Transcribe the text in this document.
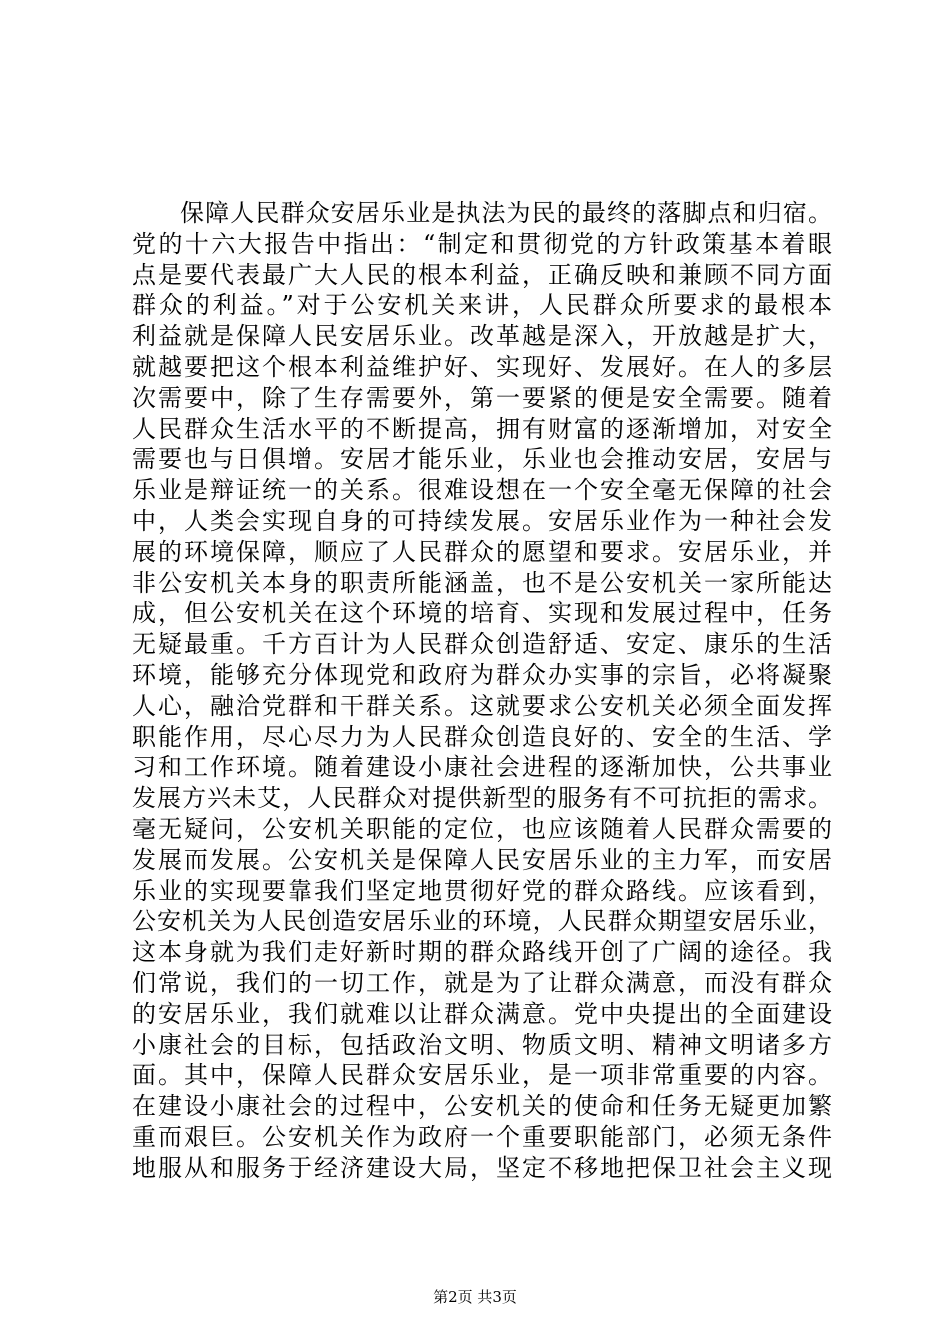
保障人民群众安居乐业是执法为民的最终的落脚点和归宿。
党的十六大报告中指出：“制定和贯彻党的方针政策基本着眼
点是要代表最广大人民的根本利益，正确反映和兼顾不同方面
群众的利益。”对于公安机关来讲，人民群众所要求的最根本
利益就是保障人民安居乐业。改革越是深入，开放越是扩大，
就越要把这个根本利益维护好、实现好、发展好。在人的多层
次需要中，除了生存需要外，第一要紧的便是安全需要。随着
人民群众生活水平的不断提高，拥有财富的逐渐增加，对安全
需要也与日俱增。安居才能乐业，乐业也会推动安居，安居与
乐业是辩证统一的关系。很难设想在一个安全毫无保障的社会
中，人类会实现自身的可持续发展。安居乐业作为一种社会发
展的环境保障，顺应了人民群众的愿望和要求。安居乐业，并
非公安机关本身的职责所能涵盖，也不是公安机关一家所能达
成，但公安机关在这个环境的培育、实现和发展过程中，任务
无疑最重。千方百计为人民群众创造舒适、安定、康乐的生活
环境，能够充分体现党和政府为群众办实事的宗旨，必将凝聚
人心，融洽党群和干群关系。这就要求公安机关必须全面发挥
职能作用，尽心尽力为人民群众创造良好的、安全的生活、学
习和工作环境。随着建设小康社会进程的逐渐加快，公共事业
发展方兴未艾，人民群众对提供新型的服务有不可抗拒的需求。
毫无疑问，公安机关职能的定位，也应该随着人民群众需要的
发展而发展。公安机关是保障人民安居乐业的主力军，而安居
乐业的实现要靠我们坚定地贯彻好党的群众路线。应该看到，
公安机关为人民创造安居乐业的环境，人民群众期望安居乐业，
这本身就为我们走好新时期的群众路线开创了广阔的途径。我
们常说，我们的一切工作，就是为了让群众满意，而没有群众
的安居乐业，我们就难以让群众满意。党中央提出的全面建设
小康社会的目标，包括政治文明、物质文明、精神文明诸多方
面。其中，保障人民群众安居乐业，是一项非常重要的内容。
在建设小康社会的过程中，公安机关的使命和任务无疑更加繁
重而艰巨。公安机关作为政府一个重要职能部门，必须无条件
地服从和服务于经济建设大局，坚定不移地把保卫社会主义现
第2页 共3页
